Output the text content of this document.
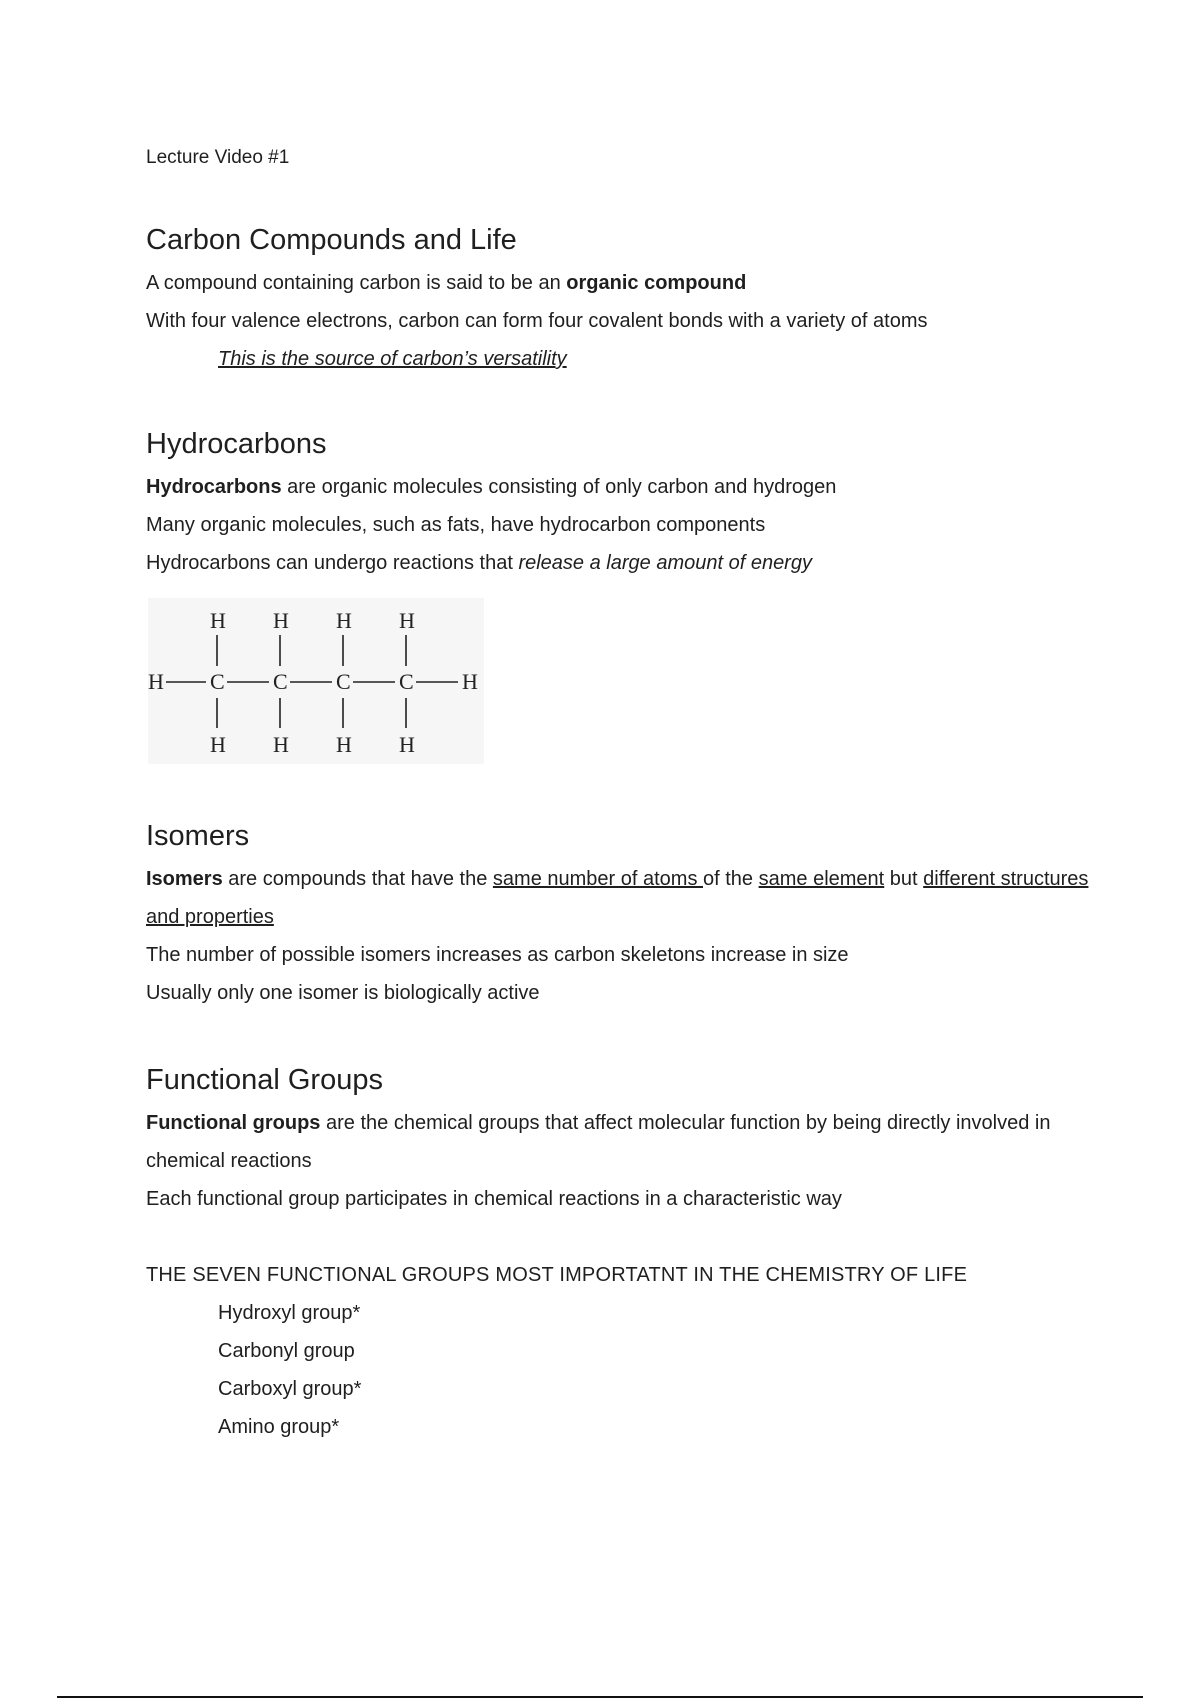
Lecture Video #1
Carbon Compounds and Life

A compound containing carbon is said to be an organic compound

With four valence electrons, carbon can form four covalent bonds with a variety of atoms

This is the source of carbon’s versatility

Hydrocarbons

Hydrocarbons are organic molecules consisting of only carbon and hydrogen

Many organic molecules, such as fats, have hydrocarbon components

Hydrocarbons can undergo reactions that release a large amount of energy

H H H H
H C C C C H
H H H H
Isomers

Isomers are compounds that have the same number of atoms of the same element but different structures and properties

The number of possible isomers increases as carbon skeletons increase in size

Usually only one isomer is biologically active

Functional Groups

Functional groups are the chemical groups that affect molecular function by being directly involved in chemical reactions

Each functional group participates in chemical reactions in a characteristic way

THE SEVEN FUNCTIONAL GROUPS MOST IMPORTATNT IN THE CHEMISTRY OF LIFE

Hydroxyl group*

Carbonyl group

Carboxyl group*

Amino group*
